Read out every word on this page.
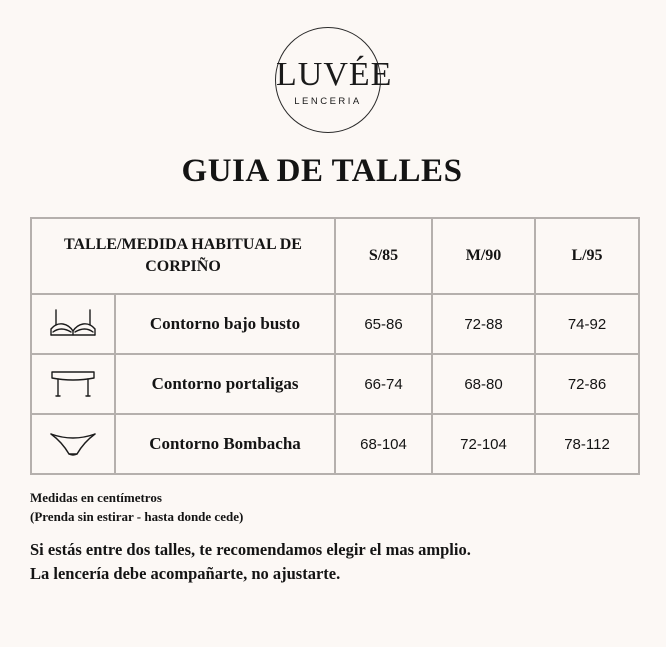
LUVÉE
LENCERIA
GUIA DE TALLES
TALLE/MEDIDA HABITUAL DE CORPIÑO		S/85	M/90	L/95

	Contorno bajo busto	65-86	72-88	74-92

	Contorno portaligas	66-74	68-80	72-86

	Contorno Bombacha	68-104	72-104	78-112
Medidas en centímetros
(Prenda sin estirar - hasta donde cede)
Si estás entre dos talles, te recomendamos elegir el mas amplio.
La lencería debe acompañarte, no ajustarte.
